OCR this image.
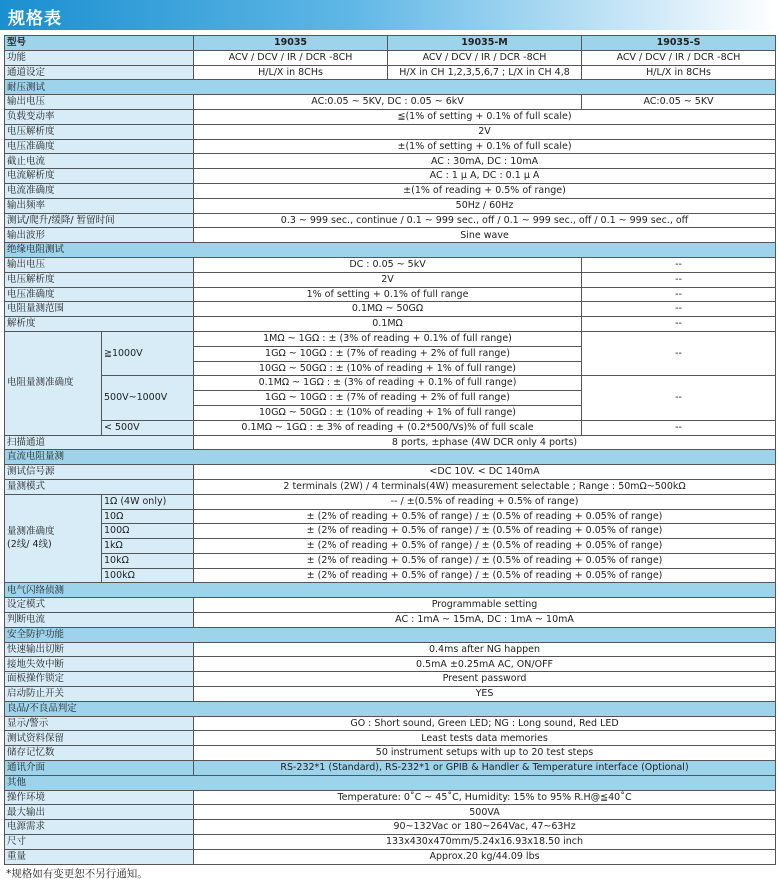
规格表
型号		19035	19035-M	19035-S
功能		ACV / DCV / IR / DCR -8CH	ACV / DCV / IR / DCR -8CH	ACV / DCV / IR / DCR -8CH
通道设定		H/L/X in 8CHs	H/X in CH 1,2,3,5,6,7 ; L/X in CH 4,8	H/L/X in 8CHs
耐压测试				
输出电压		AC:0.05 ~ 5KV, DC : 0.05 ~ 6kV		AC:0.05 ~ 5KV
负载变动率		≦(1% of setting + 0.1% of full scale)		
电压解析度		2V		
电压准确度		±(1% of setting + 0.1% of full scale)		
截止电流		AC : 30mA, DC : 10mA		
电流解析度		AC : 1 μ A, DC : 0.1 μ A		
电流准确度		±(1% of reading + 0.5% of range)		
输出频率		50Hz / 60Hz		
测试/爬升/缓降/ 暂留时间		0.3 ~ 999 sec., continue / 0.1 ~ 999 sec., off / 0.1 ~ 999 sec., off / 0.1 ~ 999 sec., off		
输出波形		Sine wave		
绝缘电阻测试				
输出电压		DC : 0.05 ~ 5kV		--
电压解析度		2V		--
电压准确度		1% of setting + 0.1% of full range		--
电阻量测范围		0.1MΩ ~ 50GΩ		--
解析度		0.1MΩ		--
电阻量测准确度	≧1000V	1MΩ ~ 1GΩ : ± (3% of reading + 0.1% of full range)		--
		1GΩ ~ 10GΩ : ± (7% of reading + 2% of full range)		
		10GΩ ~ 50GΩ : ± (10% of reading + 1% of full range)		
	500V~1000V	0.1MΩ ~ 1GΩ : ± (3% of reading + 0.1% of full range)		--
		1GΩ ~ 10GΩ : ± (7% of reading + 2% of full range)		
		10GΩ ~ 50GΩ : ± (10% of reading + 1% of full range)		
	< 500V	0.1MΩ ~ 1GΩ : ± 3% of reading + (0.2*500/Vs)% of full scale		--
扫描通道		8 ports, ±phase (4W DCR only 4 ports)		
直流电阻量测				
测试信号源		<DC 10V. < DC 140mA		
量测模式		2 terminals (2W) / 4 terminals(4W) measurement selectable ; Range : 50mΩ~500kΩ		
量测准确度
(2线/ 4线)	1Ω (4W only)	-- / ±(0.5% of reading + 0.5% of range)		
	10Ω	± (2% of reading + 0.5% of range) / ± (0.5% of reading + 0.05% of range)		
	100Ω	± (2% of reading + 0.5% of range) / ± (0.5% of reading + 0.05% of range)		
	1kΩ	± (2% of reading + 0.5% of range) / ± (0.5% of reading + 0.05% of range)		
	10kΩ	± (2% of reading + 0.5% of range) / ± (0.5% of reading + 0.05% of range)		
	100kΩ	± (2% of reading + 0.5% of range) / ± (0.5% of reading + 0.05% of range)		
电气闪络侦测				
设定模式		Programmable setting		
判断电流		AC : 1mA ~ 15mA, DC : 1mA ~ 10mA		
安全防护功能				
快速输出切断		0.4ms after NG happen		
接地失效中断		0.5mA ±0.25mA AC, ON/OFF		
面板操作锁定		Present password		
启动防止开关		YES		
良品/不良品判定				
显示/警示		GO : Short sound, Green LED; NG : Long sound, Red LED		
测试资料保留		Least tests data memories		
储存记忆数		50 instrument setups with up to 20 test steps		
通讯介面		RS-232*1 (Standard), RS-232*1 or GPIB & Handler & Temperature interface (Optional)		
其他				
操作环境		Temperature: 0˚C ~ 45˚C, Humidity: 15% to 95% R.H@≦40˚C		
最大输出		500VA		
电源需求		90~132Vac or 180~264Vac, 47~63Hz		
尺寸		133x430x470mm/5.24x16.93x18.50 inch		
重量		Approx.20 kg/44.09 lbs		
*规格如有变更恕不另行通知。
